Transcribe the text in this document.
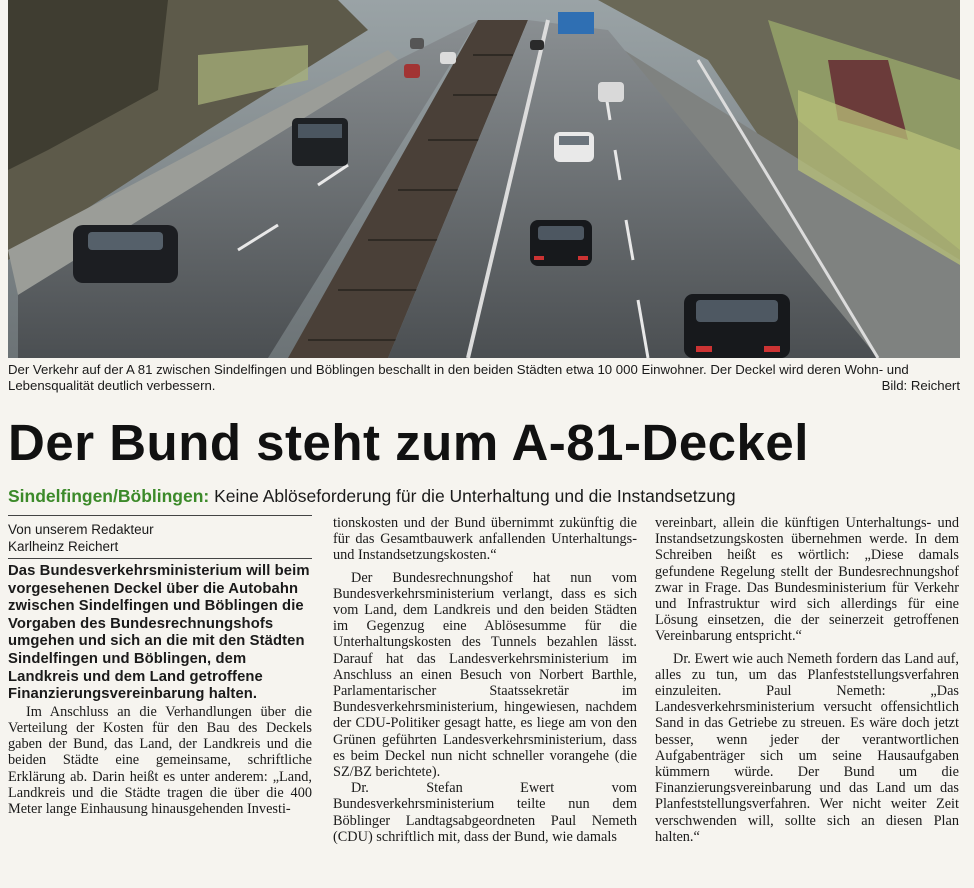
Der Verkehr auf der A 81 zwischen Sindelfingen und Böblingen beschallt in den beiden Städten etwa 10 000 Einwohner. Der Deckel wird deren Wohn- und Lebensqualität deutlich verbessern.	Bild: Reichert
Der Bund steht zum A-81-Deckel
Sindelfingen/Böblingen: Keine Ablöseforderung für die Unterhaltung und die Instandsetzung
Von unserem Redakteur
Karlheinz Reichert

Das Bundesverkehrsministerium will beim vorgesehenen Deckel über die Autobahn zwischen Sindelfingen und Böblingen die Vorgaben des Bundesrechnungshofs umgehen und sich an die mit den Städten Sindelfingen und Böblingen, dem Landkreis und dem Land getroffene Finanzierungsvereinbarung halten.

Im Anschluss an die Verhandlungen über die Verteilung der Kosten für den Bau des Deckels gaben der Bund, das Land, der Landkreis und die beiden Städte eine gemeinsame, schriftliche Erklärung ab. Darin heißt es unter anderem: „Land, Landkreis und die Städte tragen die über die 400 Meter lange Einhausung hinausgehenden Investi-

tionskosten und der Bund übernimmt zukünftig die für das Gesamtbauwerk anfallenden Unterhaltungs- und Instandsetzungskosten.“

Der Bundesrechnungshof hat nun vom Bundesverkehrsministerium verlangt, dass es sich vom Land, dem Landkreis und den beiden Städten im Gegenzug eine Ablösesumme für die Unterhaltungskosten des Tunnels bezahlen lässt. Darauf hat das Landesverkehrsministerium im Anschluss an einen Besuch von Norbert Barthle, Parlamentarischer Staatssekretär im Bundesverkehrsministerium, hingewiesen, nachdem der CDU-Politiker gesagt hatte, es liege am von den Grünen geführten Landesverkehrsministerium, dass es beim Deckel nun nicht schneller vorangehe (die SZ/BZ berichtete).

Dr. Stefan Ewert vom Bundesverkehrsministerium teilte nun dem Böblinger Landtagsabgeordneten Paul Nemeth (CDU) schriftlich mit, dass der Bund, wie damals

vereinbart, allein die künftigen Unterhaltungs- und Instandsetzungskosten übernehmen werde. In dem Schreiben heißt es wörtlich: „Diese damals gefundene Regelung stellt der Bundesrechnungshof zwar in Frage. Das Bundesministerium für Verkehr und Infrastruktur wird sich allerdings für eine Lösung einsetzen, die der seinerzeit getroffenen Vereinbarung entspricht.“

Dr. Ewert wie auch Nemeth fordern das Land auf, alles zu tun, um das Planfeststellungsverfahren einzuleiten. Paul Nemeth: „Das Landesverkehrsministerium versucht offensichtlich Sand in das Getriebe zu streuen. Es wäre doch jetzt besser, wenn jeder der verantwortlichen Aufgabenträger sich um seine Hausaufgaben kümmern würde. Der Bund um die Finanzierungsvereinbarung und das Land um das Planfeststellungsverfahren. Wer nicht weiter Zeit verschwenden will, sollte sich an diesen Plan halten.“
